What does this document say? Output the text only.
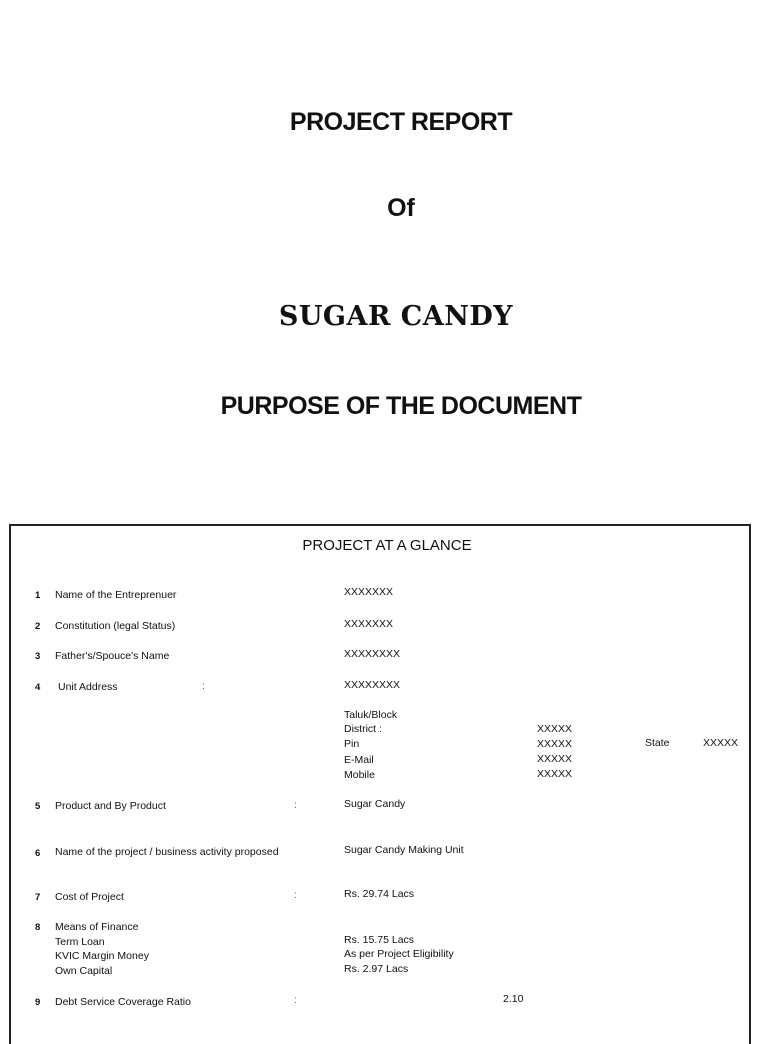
PROJECT REPORT
Of
SUGAR CANDY
PURPOSE OF THE DOCUMENT
PROJECT AT A GLANCE
1 Name of the Entreprenuer	XXXXXXX
2 Constitution (legal Status)	XXXXXXX
3 Father's/Spouce's Name	XXXXXXXX
4 Unit Address	:	XXXXXXXX
Taluk/Block
District :	XXXXX
Pin	XXXXX	State	XXXXX
E-Mail	XXXXX
Mobile	XXXXX
5 Product and By Product	:	Sugar Candy
6 Name of the project / business activity proposed	Sugar Candy Making Unit
7 Cost of Project	:	Rs. 29.74 Lacs
8 Means of Finance
Term Loan	Rs. 15.75 Lacs
KVIC Margin Money	As per Project Eligibility
Own Capital	Rs. 2.97 Lacs
9 Debt Service Coverage Ratio	:	2.10
